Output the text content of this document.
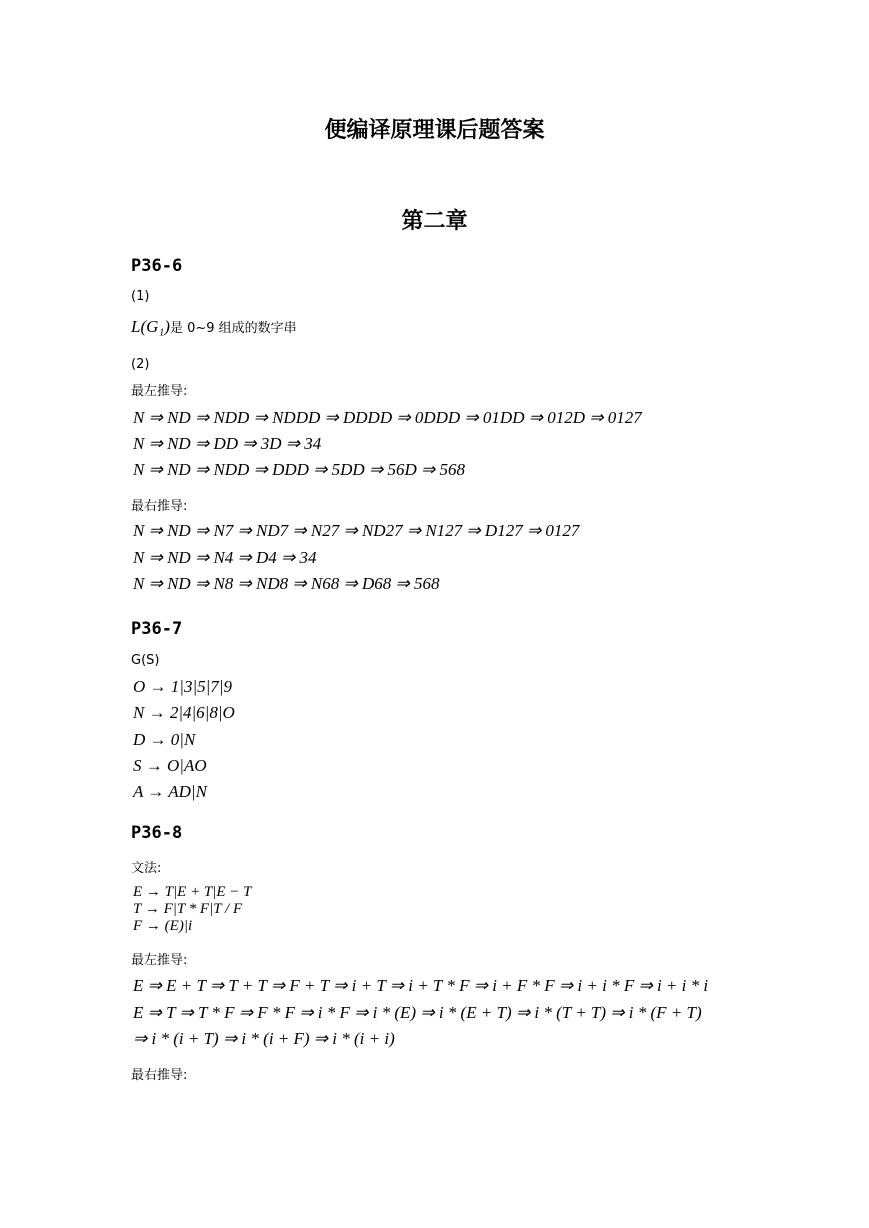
便编译原理课后题答案
第二章
P36-6
(1)
L(G₁)是 0~9 组成的数字串
(2)
最左推导:
N ⇒ ND ⇒ NDD ⇒ NDDD ⇒ DDDD ⇒ 0DDD ⇒ 01DD ⇒ 012D ⇒ 0127
N ⇒ ND ⇒ DD ⇒ 3D ⇒ 34
N ⇒ ND ⇒ NDD ⇒ DDD ⇒ 5DD ⇒ 56D ⇒ 568
最右推导:
N ⇒ ND ⇒ N7 ⇒ ND7 ⇒ N27 ⇒ ND27 ⇒ N127 ⇒ D127 ⇒ 0127
N ⇒ ND ⇒ N4 ⇒ D4 ⇒ 34
N ⇒ ND ⇒ N8 ⇒ ND8 ⇒ N68 ⇒ D68 ⇒ 568
P36-7
G(S)
O → 1|3|5|7|9
N → 2|4|6|8|O
D → 0|N
S → O|AO
A → AD|N
P36-8
文法:
E → T|E + T|E − T
T → F|T * F|T / F
F → (E)|i
最左推导:
E ⇒ E + T ⇒ T + T ⇒ F + T ⇒ i + T ⇒ i + T * F ⇒ i + F * F ⇒ i + i * F ⇒ i + i * i
E ⇒ T ⇒ T * F ⇒ F * F ⇒ i * F ⇒ i * (E) ⇒ i * (E + T) ⇒ i * (T + T) ⇒ i * (F + T)
⇒ i * (i + T) ⇒ i * (i + F) ⇒ i * (i + i)
最右推导:
